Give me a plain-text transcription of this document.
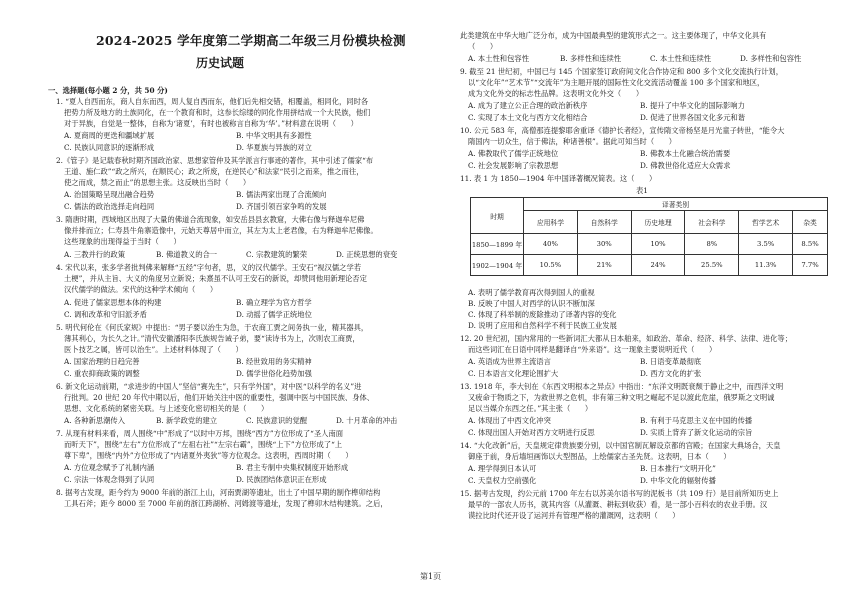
2024-2025 学年度第二学期高二年级三月份模块检测
历史试题
一、选择题(每小题 2 分，共 50 分)
1. “夏人自西而东，商人自东而西，周人复自西而东，他们后先相交错，相覆盖，相同化，同时各
把势力所及地方的土族同化，在一个教育和时，这参长综缕的同化作用拼结成一个大民族，他们
对于异族，自觉是一整体，自称为‘诸夏’，有时也被称言自称为‘华’。”材料意在说明（　　）
A. 夏商周的更迭和疆域扩展	B. 中华文明具有多源性
C. 民族认同意识的逐渐形成	D. 华夏族与异族的对立
2.《管子》是记载春秋时期齐国政治家、思想家管仲及其学派言行事迹的著作，其中引述了儒家“布
王道、施仁政”“政之所兴，在顺民心；政之所废，在逆民心”和法家“民引之而来，推之而往，
使之而成，禁之而止”的思想主张。这反映出当时（　　）
A. 治国策略呈现出融合趋势	B. 儒法两家出现了合流倾向
C. 儒法的政治选择走向趋同	D. 齐国引领百家争鸣的发展
3. 隋唐时期，西域地区出现了大量的佛道合流现象，如安岳县县玄教窟，大佛右像与释迦牟尼佛
像并排而立；仁寿县牛角寨造像中，元始天尊居中而立，其左为太上老君像，右为释迦牟尼佛像。
这些现象的出现得益于当时（　　）
A. 三教并行的政策	B. 佛道教义的合一	C. 宗教建筑的繁荣	D. 正统思想的衰变
4. 宋代以来，张多学者批判佛来解释“五经”字句者，思，义的汉代儒学。王安石“视汉儒之学若
土梗”，并从主旨、大义的角度另立新说；朱熹虽不认可王安石的新说，却赞同他用新理论否定
汉代儒学的做法。宋代的这种学术倾向（　　）
A. 促进了儒家思想本体的构建	B. 确立理学为官方哲学
C. 调和改革和守旧派矛盾	D. 动摇了儒学正统地位
5. 明代何伦在《何氏家规》中提出：“男子要以治生为急，于农商工贾之间务执一业，精其器具，
薄其利心，为长久之计。”清代安徽潘阳李氏族规告诫子弟，要“读诗书为上，次则农工商贾，
医卜技艺之属，皆可以治生”。上述材料体现了（　　）
A. 国家治理的日趋完善	B. 经世致用的务实精神
C. 重农抑商政策的调整	D. 儒学世俗化趋势加强
6. 新文化运动前期，“求进步的中国人”坚信“赛先生”，只有学外国”，对中医“以科学的名义”进
行批判。20 世纪 20 年代中期以后，他们开始关注中医的重要性，强调中医与中国民族、身体、
思想、文化系统的紧密关联。与上述变化密切相关的是（　　）
A. 各种新思潮传入	B. 新学政党的建立	C. 民族意识的觉醒	D. 十月革命的冲击
7. 从现有材料来看，周人围绕“中”形成了“以时中万邦，围绕“西方”方位形成了“圣人南面
而听天下”，围绕“左右”方位形成了“左祖右社”“左宗右霸”，围绕“上下”方位形成了“上
尊下卑”，围绕“内外”方位形成了“内诸夏外夷狄”等方位观念。这表明，西周时期（　　）
A. 方位观念赋予了礼制内涵	B. 君主专制中央集权制度开始形成
C. 宗法一体观念得到了认同	D. 民族团结体意识正在形成
8. 据考古发现，距今约为 9000 年前的浙江上山，河南贾湖等遗址，出土了中国早期的制作榫卯结构
工具石斧；距今 8000 至 7000 年前的浙江跨湖桥、河姆渡等遗址，发现了榫卯木结构建筑。之后，
此类建筑在中华大地广泛分布，成为中国最典型的建筑形式之一。这主要体现了，中华文化具有
（　　）
A. 本土性和包容性	B. 多样性和连续性	C. 本土性和连续性	D. 多样性和包容性
9. 截至 21 世纪初，中国已与 145 个国家签订政府间文化合作协定和 800 多个文化交流执行计划，
以“文化年”“艺术节”“交流年”为主题开展的国际性文化交流活动覆盖 100 多个国家和地区，
成为文化外交的标志性品牌。这表明文化外交（　　）
A. 成为了建立公正合理的政治新秩序	B. 提升了中华文化的国际影响力
C. 实现了本土文化与西方文化相结合	D. 促进了世界各国文化多元和谐
10. 公元 583 年，高僧那连提黎耶舍重译《德护长者经》，宣传隋文帝杨坚是月光童子转世，“能令大
隋国内一切众生，信于佛法，种诸善根”。据此可知当时（　　）
A. 佛教取代了儒学正统地位	B. 佛教本土化融合统治需要
C. 社会发展影响了宗教思想	D. 佛教世俗化适应大众需求
11. 表 1 为 1850—1904 年中国译著概况简表。这（　　）
表1
时期	译著类别					
	应用科学	自然科学	历史地理	社会科学	哲学艺术	杂类
1850—1899 年	40%	30%	10%	8%	3.5%	8.5%
1902—1904 年	10.5%	21%	24%	25.5%	11.3%	7.7%
A. 表明了儒学教育再次得到国人的重视
B. 反映了中国人对西学的认识不断加深
C. 体现了科举制的废除推动了译著内容的变化
D. 说明了应用和自然科学不利于民族工业发展
12. 20 世纪初，国内常用的一些新词汇大都从日本舶来，如政治、革命、经济、科学、法律、进化等；
而这些词汇在日语中同样是翻译自“外来语”。这一现象主要说明近代（　　）
A. 英语成为世界主流语言	B. 日语变革最彻底
C. 日本语言文化理论围扩大	D. 西方文化的扩张
13. 1918 年，李大钊在《东西文明根本之异点》中指出：“东洋文明既衰颓于静止之中，而西洋文明
又疲命于物质之下，为救世界之危机，非有第三种文明之崛起不足以渡此危崖，俄罗斯之文明诚
足以当媒介东西之任。”其主张（　　）
A. 体现出了中西文化冲突	B. 有利于马克思主义在中国的传播
C. 体现出国人开始对西方文明进行反思	D. 实质上背弃了新文化运动的宗旨
14. “大化改新”后，天皇规定律贵族要分别，以中国官制瓦解设京都的宫殿；在国家大典场合，天皇
御座于前，身后墙垣画饰以大型图品，上绘儒家古圣先贤。这表明，日本（　　）
A. 理学得到日本认可	B. 日本推行“文明开化”
C. 天皇权力空前强化	D. 中华文化的辐射传播
15. 据考古发现，约公元前 1700 年左右以苏美尔语书写的泥板书（共 109 行）是目前所知历史上
最早的一部农人历书，就其内容（从灌溉、耕耘到收获）看，是一部小百科农的农业手册。汉
谟拉比时代还开设了运河并有管理严格的灌溉网，这表明（　　）
第1页
